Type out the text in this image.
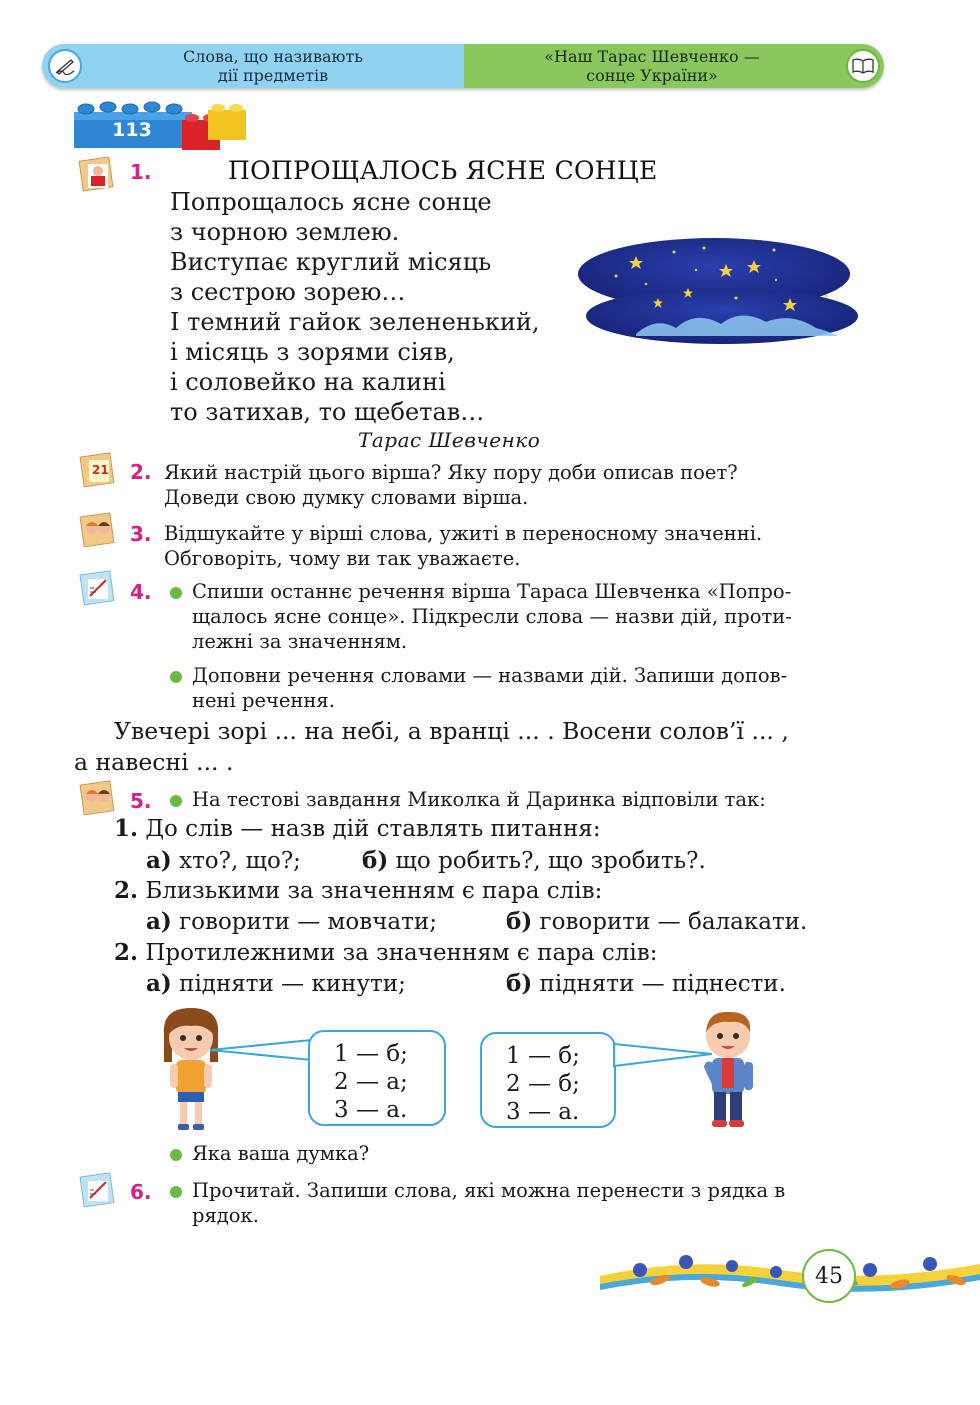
Слова, що називають
дії предметів
«Наш Тарас Шевченко —
сонце України»
113
1.	ПОПРОЩАЛОСЬ ЯСНЕ СОНЦЕ
Попрощалось ясне сонце
з чорною землею.
Виступає круглий місяць
з сестрою зорею…
І темний гайок зелененький,
і місяць з зорями сіяв,
і соловейко на калині
то затихав, то щебетав…
Тарас Шевченко
21 2. Який настрій цього вірша? Яку пору доби описав поет?
Доведи свою думку словами вірша.
3. Відшукайте у вірші слова, ужиті в переносному значенні.
Обговоріть, чому ви так уважаєте.
4. Спиши останнє речення вірша Тараса Шевченка «Попро-
щалось ясне сонце». Підкресли слова — назви дій, проти-
лежні за значенням.
Доповни речення словами — назвами дій. Запиши допов-
нені речення.
Увечері зорі ... на небі, а вранці ... . Восени солов’ї ... ,
а навесні ... .
5. На тестові завдання Миколка й Даринка відповіли так:
1. До слів — назв дій ставлять питання:
а) хто?, що?;	б) що робить?, що зробить?.
2. Близькими за значенням є пара слів:
а) говорити — мовчати;	б) говорити — балакати.
2. Протилежними за значенням є пара слів:
а) підняти — кинути;	б) підняти — піднести.
1 — б;
2 — а;
3 — а.
1 — б;
2 — б;
3 — а.
Яка ваша думка?
6. Прочитай. Запиши слова, які можна перенести з рядка в
рядок.
45
